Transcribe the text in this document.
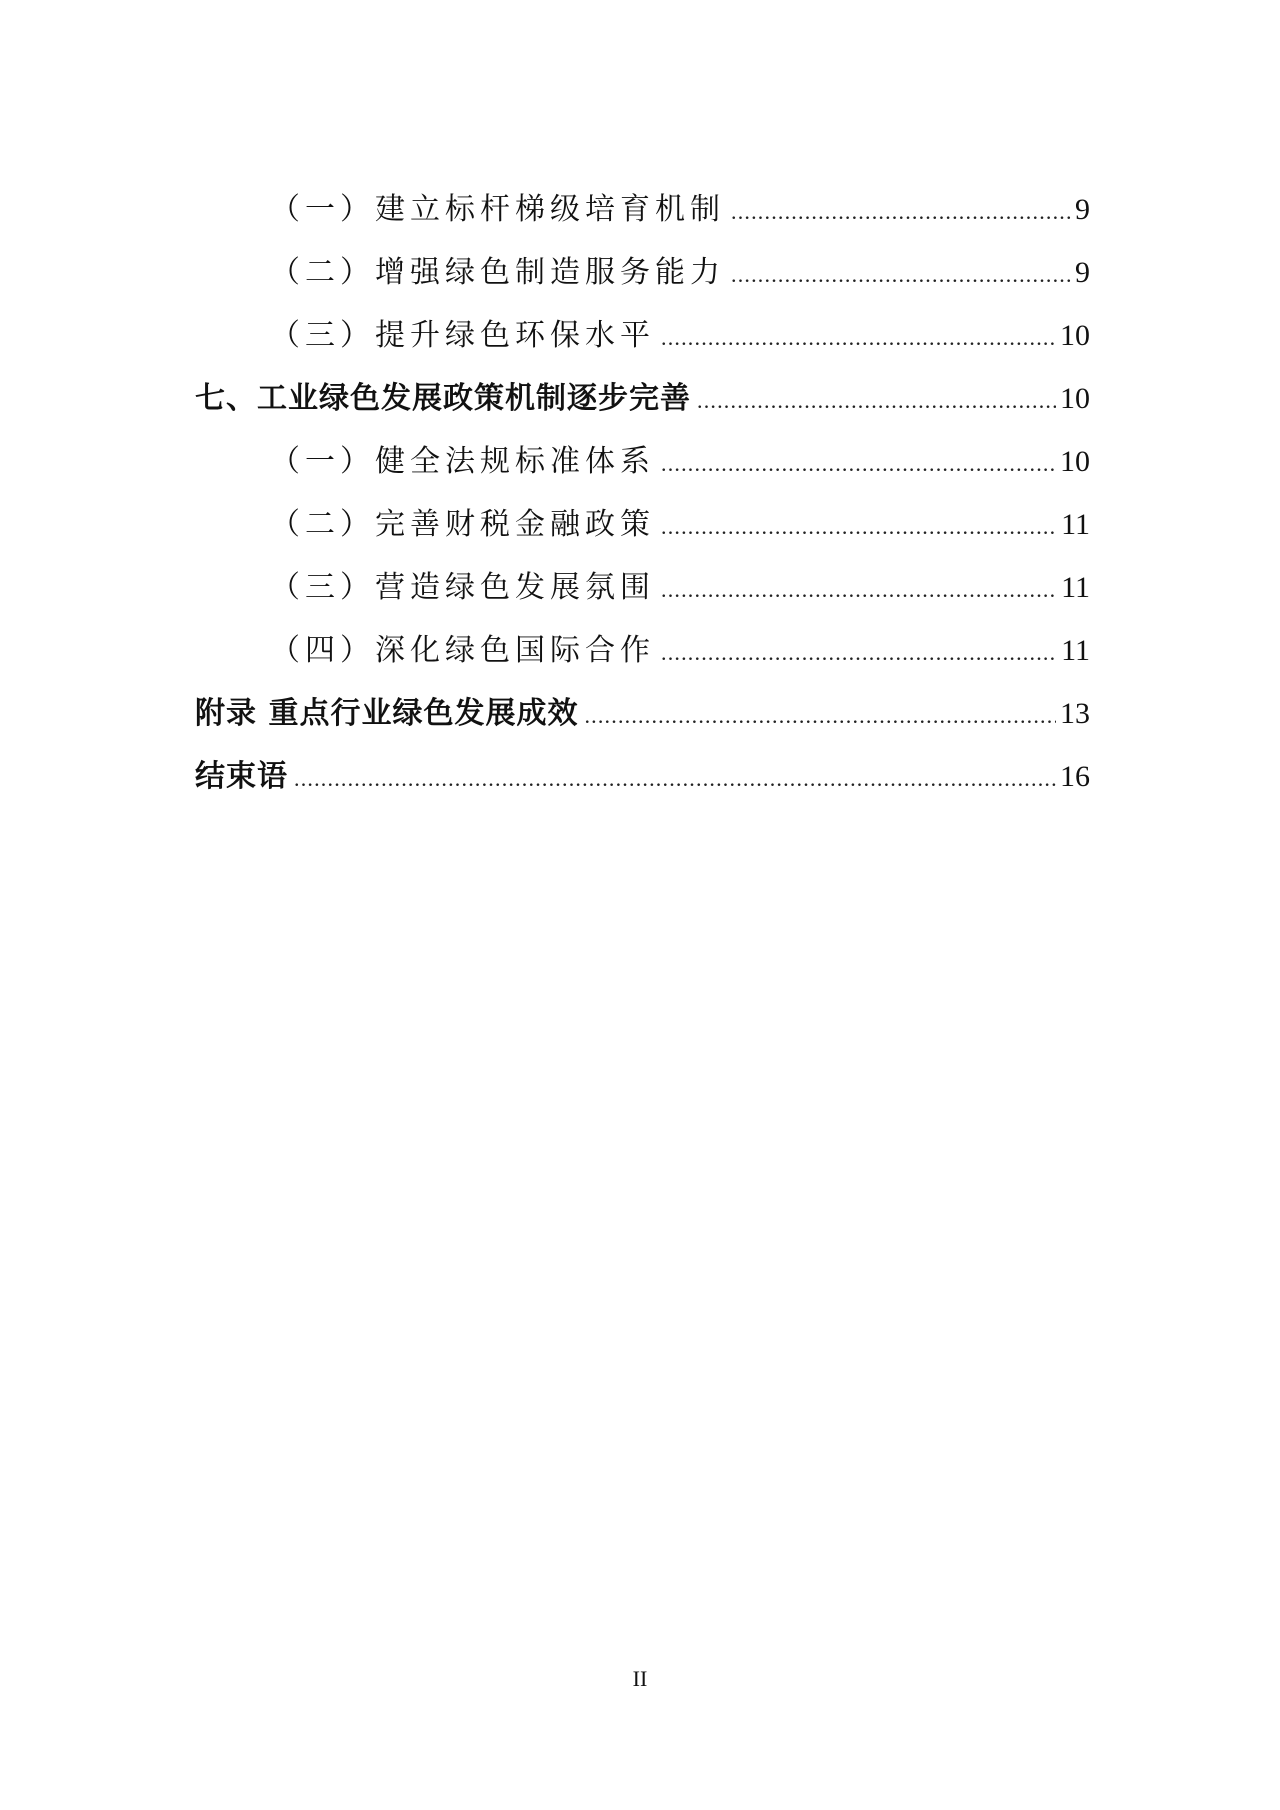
（一）建立标杆梯级培育机制 .....	9
（二）增强绿色制造服务能力 .....	9
（三）提升绿色环保水平 .....	10
七、工业绿色发展政策机制逐步完善 .....	10
（一）健全法规标准体系 .....	10
（二）完善财税金融政策 .....	11
（三）营造绿色发展氛围 .....	11
（四）深化绿色国际合作 .....	11
附录 重点行业绿色发展成效 .....	13
结束语 .....	16
II
